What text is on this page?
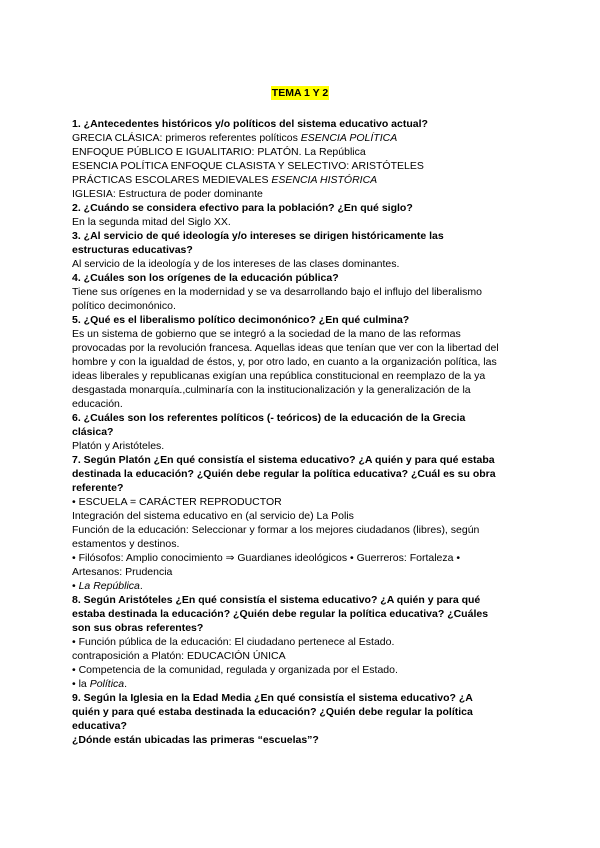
TEMA 1 Y 2

1. ¿Antecedentes históricos y/o políticos del sistema educativo actual?

GRECIA CLÁSICA: primeros referentes políticos ESENCIA POLÍTICA

ENFOQUE PÚBLICO E IGUALITARIO: PLATÓN. La República

ESENCIA POLÍTICA ENFOQUE CLASISTA Y SELECTIVO: ARISTÓTELES

PRÁCTICAS ESCOLARES MEDIEVALES ESENCIA HISTÓRICA

IGLESIA: Estructura de poder dominante

2. ¿Cuándo se considera efectivo para la población? ¿En qué siglo?

En la segunda mitad del Siglo XX.

3. ¿Al servicio de qué ideología y/o intereses se dirigen históricamente las

estructuras educativas?

Al servicio de la ideología y de los intereses de las clases dominantes.

4. ¿Cuáles son los orígenes de la educación pública?

Tiene sus orígenes en la modernidad y se va desarrollando bajo el influjo del liberalismo

político decimonónico.

5. ¿Qué es el liberalismo político decimonónico? ¿En qué culmina?

Es un sistema de gobierno que se integró a la sociedad de la mano de las reformas

provocadas por la revolución francesa. Aquellas ideas que tenían que ver con la libertad del

hombre y con la igualdad de éstos, y, por otro lado, en cuanto a la organización política, las

ideas liberales y republicanas exigían una república constitucional en reemplazo de la ya

desgastada monarquía.,culminaría con la institucionalización y la generalización de la

educación.

6. ¿Cuáles son los referentes políticos (- teóricos) de la educación de la Grecia

clásica?

Platón y Aristóteles.

7. Según Platón ¿En qué consistía el sistema educativo? ¿A quién y para qué estaba

destinada la educación? ¿Quién debe regular la política educativa? ¿Cuál es su obra

referente?

• ESCUELA = CARÁCTER REPRODUCTOR

Integración del sistema educativo en (al servicio de) La Polis

Función de la educación: Seleccionar y formar a los mejores ciudadanos (libres), según

estamentos y destinos.

• Filósofos: Amplio conocimiento ⇒ Guardianes ideológicos • Guerreros: Fortaleza •

Artesanos: Prudencia

• La República.

8. Según Aristóteles ¿En qué consistía el sistema educativo? ¿A quién y para qué

estaba destinada la educación? ¿Quién debe regular la política educativa? ¿Cuáles

son sus obras referentes?

• Función pública de la educación: El ciudadano pertenece al Estado.

contraposición a Platón: EDUCACIÓN ÚNICA

• Competencia de la comunidad, regulada y organizada por el Estado.

• la Política.

9. Según la Iglesia en la Edad Media ¿En qué consistía el sistema educativo? ¿A

quién y para qué estaba destinada la educación? ¿Quién debe regular la política

educativa?

¿Dónde están ubicadas las primeras “escuelas”?
